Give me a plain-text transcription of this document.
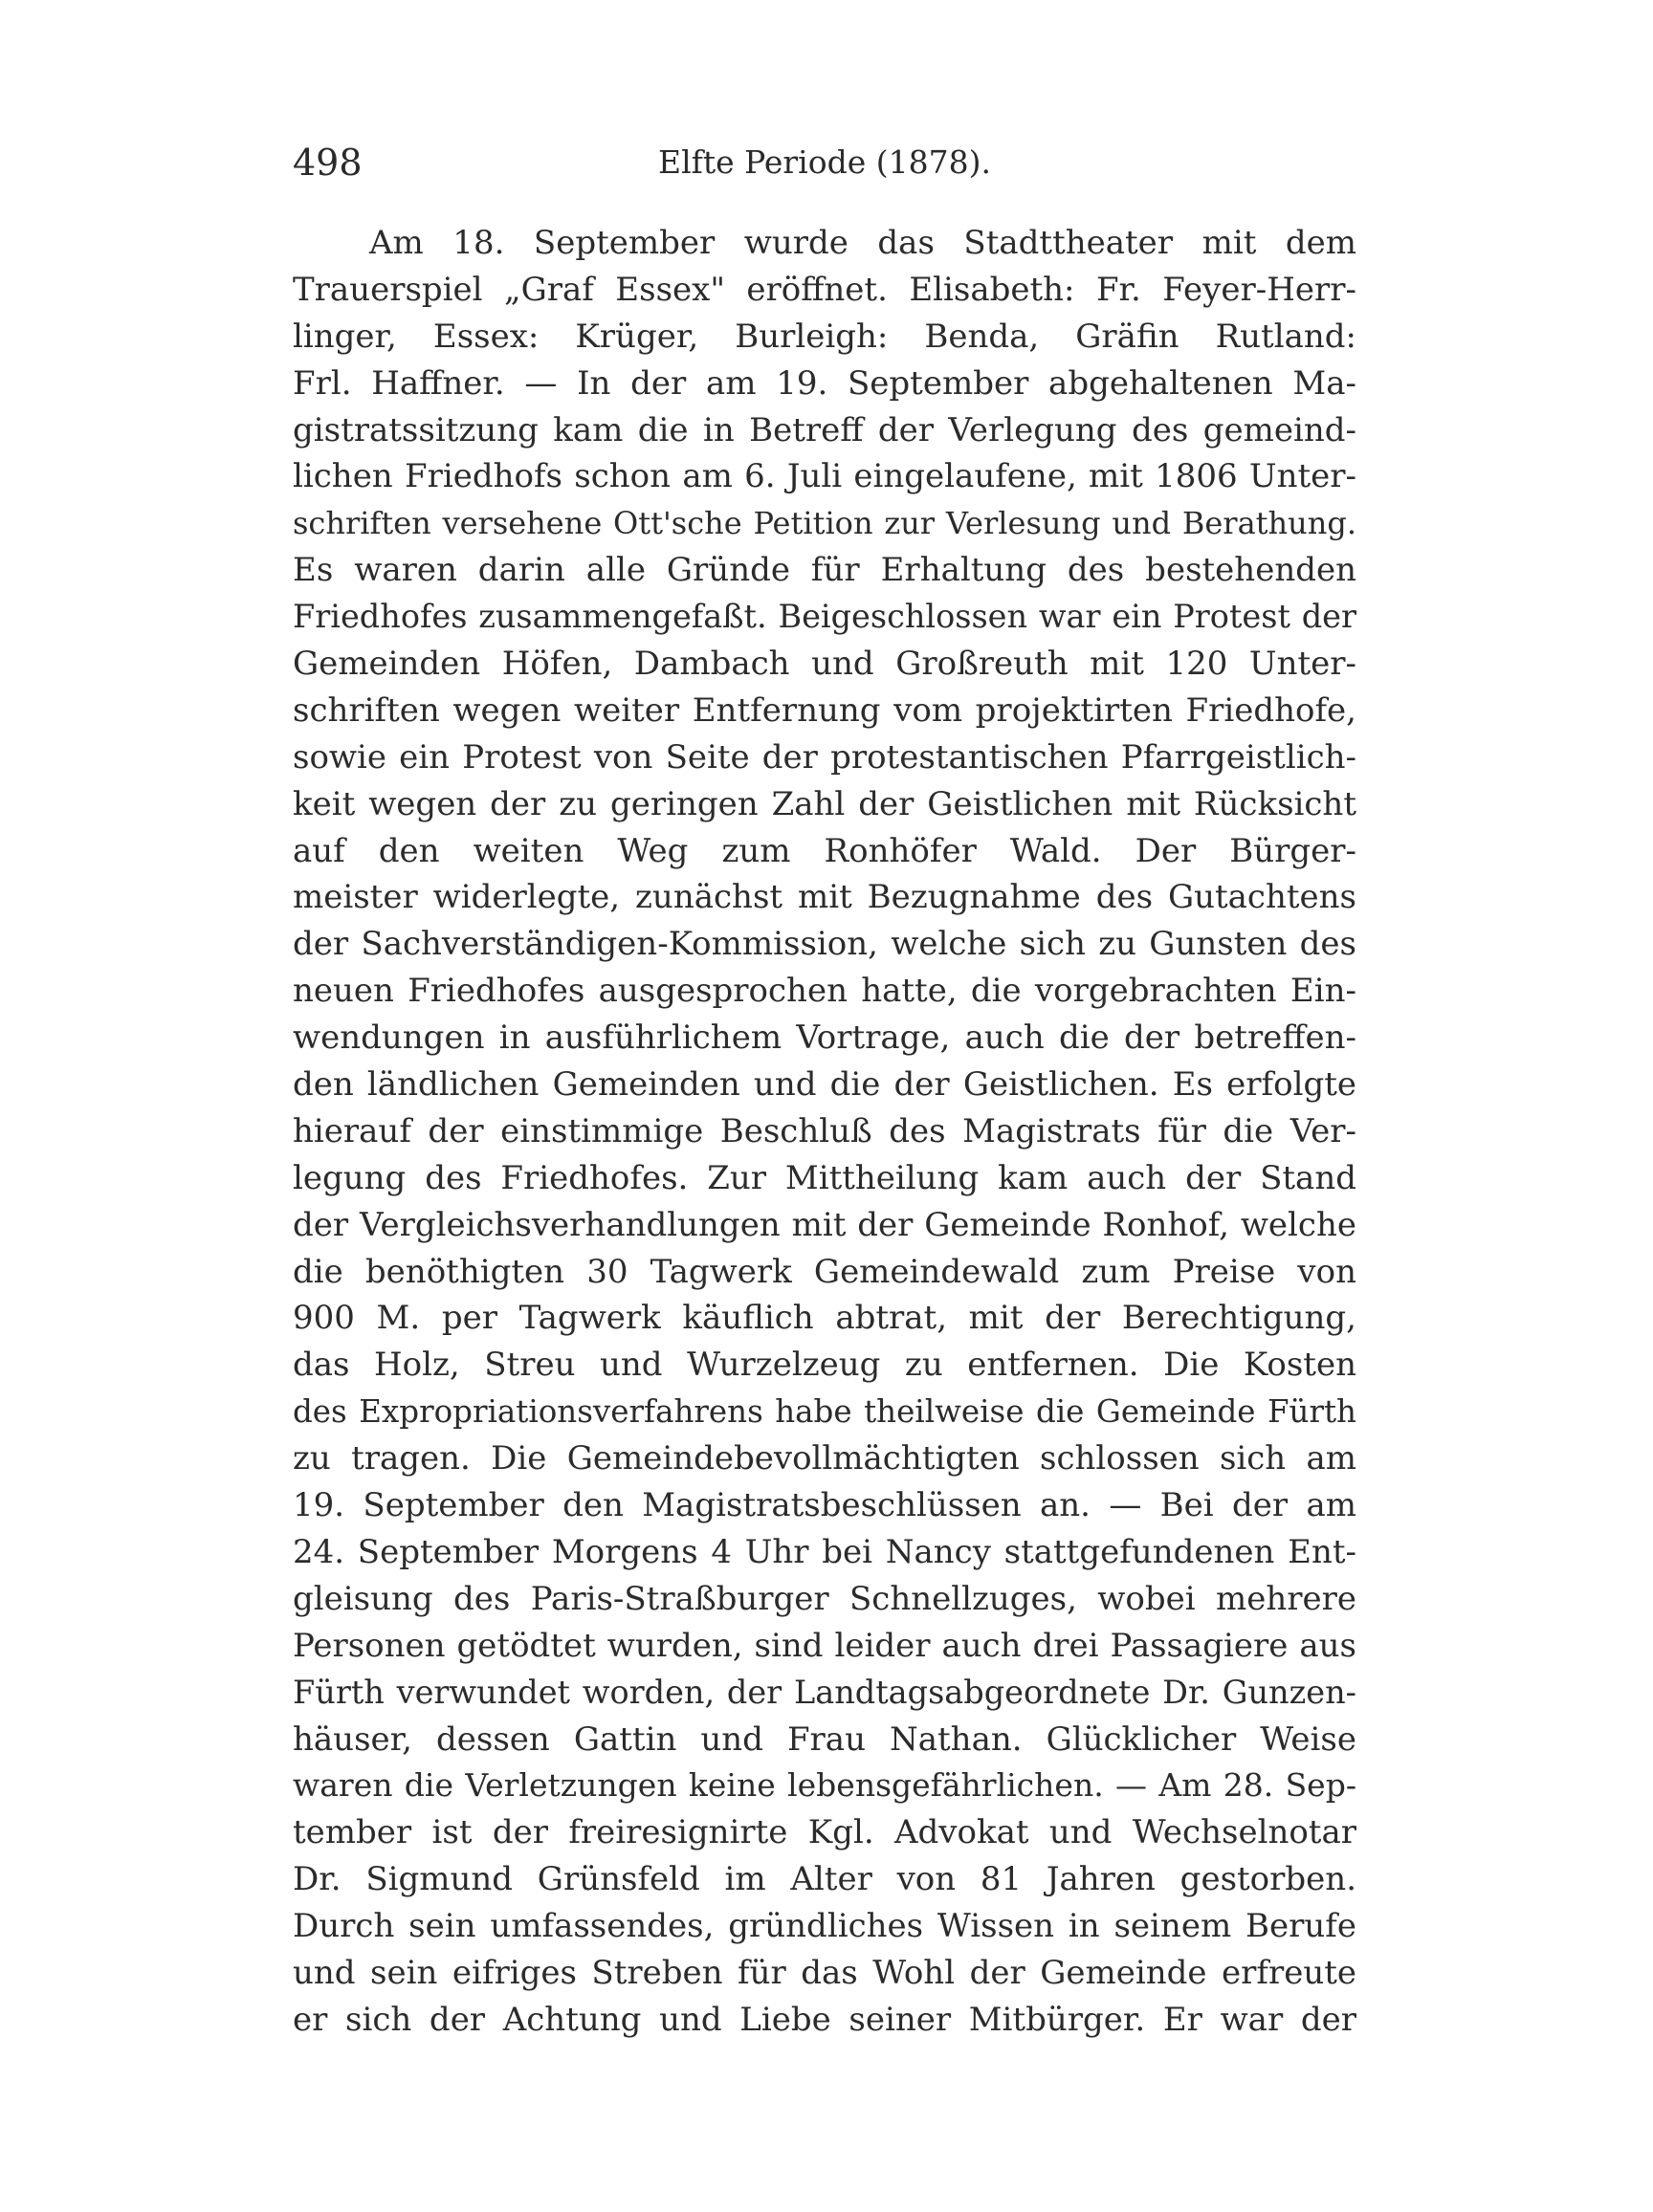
498	Elfte Periode (1878).
Am 18. September wurde das Stadttheater mit dem
Trauerspiel „Graf Essex" eröffnet. Elisabeth: Fr. Feyer-Herr-
linger, Essex: Krüger, Burleigh: Benda, Gräfin Rutland:
Frl. Haffner. — In der am 19. September abgehaltenen Ma-
gistratssitzung kam die in Betreff der Verlegung des gemeind-
lichen Friedhofs schon am 6. Juli eingelaufene, mit 1806 Unter-
schriften versehene Ott'sche Petition zur Verlesung und Berathung.
Es waren darin alle Gründe für Erhaltung des bestehenden
Friedhofes zusammengefaßt. Beigeschlossen war ein Protest der
Gemeinden Höfen, Dambach und Großreuth mit 120 Unter-
schriften wegen weiter Entfernung vom projektirten Friedhofe,
sowie ein Protest von Seite der protestantischen Pfarrgeistlich-
keit wegen der zu geringen Zahl der Geistlichen mit Rücksicht
auf den weiten Weg zum Ronhöfer Wald. Der Bürger-
meister widerlegte, zunächst mit Bezugnahme des Gutachtens
der Sachverständigen-Kommission, welche sich zu Gunsten des
neuen Friedhofes ausgesprochen hatte, die vorgebrachten Ein-
wendungen in ausführlichem Vortrage, auch die der betreffen-
den ländlichen Gemeinden und die der Geistlichen. Es erfolgte
hierauf der einstimmige Beschluß des Magistrats für die Ver-
legung des Friedhofes. Zur Mittheilung kam auch der Stand
der Vergleichsverhandlungen mit der Gemeinde Ronhof, welche
die benöthigten 30 Tagwerk Gemeindewald zum Preise von
900 M. per Tagwerk käuflich abtrat, mit der Berechtigung,
das Holz, Streu und Wurzelzeug zu entfernen. Die Kosten
des Expropriationsverfahrens habe theilweise die Gemeinde Fürth
zu tragen. Die Gemeindebevollmächtigten schlossen sich am
19. September den Magistratsbeschlüssen an. — Bei der am
24. September Morgens 4 Uhr bei Nancy stattgefundenen Ent-
gleisung des Paris-Straßburger Schnellzuges, wobei mehrere
Personen getödtet wurden, sind leider auch drei Passagiere aus
Fürth verwundet worden, der Landtagsabgeordnete Dr. Gunzen-
häuser, dessen Gattin und Frau Nathan. Glücklicher Weise
waren die Verletzungen keine lebensgefährlichen. — Am 28. Sep-
tember ist der freiresignirte Kgl. Advokat und Wechselnotar
Dr. Sigmund Grünsfeld im Alter von 81 Jahren gestorben.
Durch sein umfassendes, gründliches Wissen in seinem Berufe
und sein eifriges Streben für das Wohl der Gemeinde erfreute
er sich der Achtung und Liebe seiner Mitbürger. Er war der
